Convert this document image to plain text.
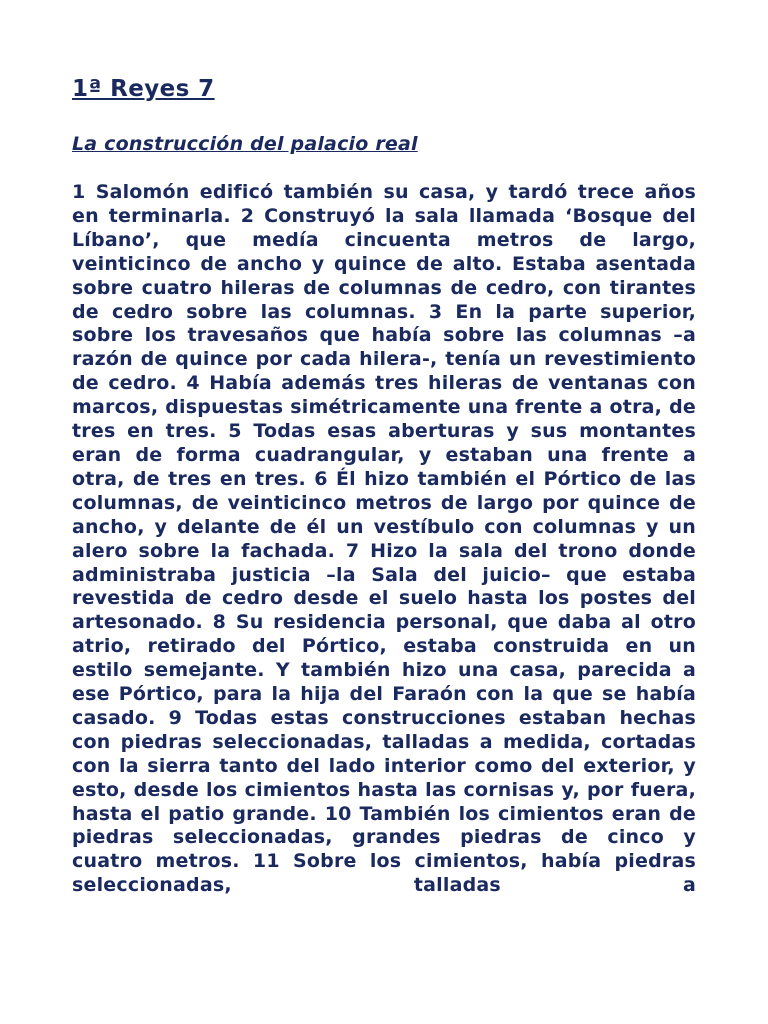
1ª Reyes 7
La construcción del palacio real

1 Salomón edificó también su casa, y tardó trece años en terminarla. 2 Construyó la sala llamada ‘Bosque del Líbano’, que medía cincuenta metros de largo, veinticinco de ancho y quince de alto. Estaba asentada sobre cuatro hileras de columnas de cedro, con tirantes de cedro sobre las columnas. 3 En la parte superior, sobre los travesaños que había sobre las columnas –a razón de quince por cada hilera-, tenía un revestimiento de cedro. 4 Había además tres hileras de ventanas con marcos, dispuestas simétricamente una frente a otra, de tres en tres. 5 Todas esas aberturas y sus montantes eran de forma cuadrangular, y estaban una frente a otra, de tres en tres. 6 Él hizo también el Pórtico de las columnas, de veinticinco metros de largo por quince de ancho, y delante de él un vestíbulo con columnas y un alero sobre la fachada. 7 Hizo la sala del trono donde administraba justicia –la Sala del juicio– que estaba revestida de cedro desde el suelo hasta los postes del artesonado. 8 Su residencia personal, que daba al otro atrio, retirado del Pórtico, estaba construida en un estilo semejante. Y también hizo una casa, parecida a ese Pórtico, para la hija del Faraón con la que se había casado. 9 Todas estas construcciones estaban hechas con piedras seleccionadas, talladas a medida, cortadas con la sierra tanto del lado interior como del exterior, y esto, desde los cimientos hasta las cornisas y, por fuera, hasta el patio grande. 10 También los cimientos eran de piedras seleccionadas, grandes piedras de cinco y cuatro metros. 11 Sobre los cimientos, había piedras seleccionadas, talladas a
